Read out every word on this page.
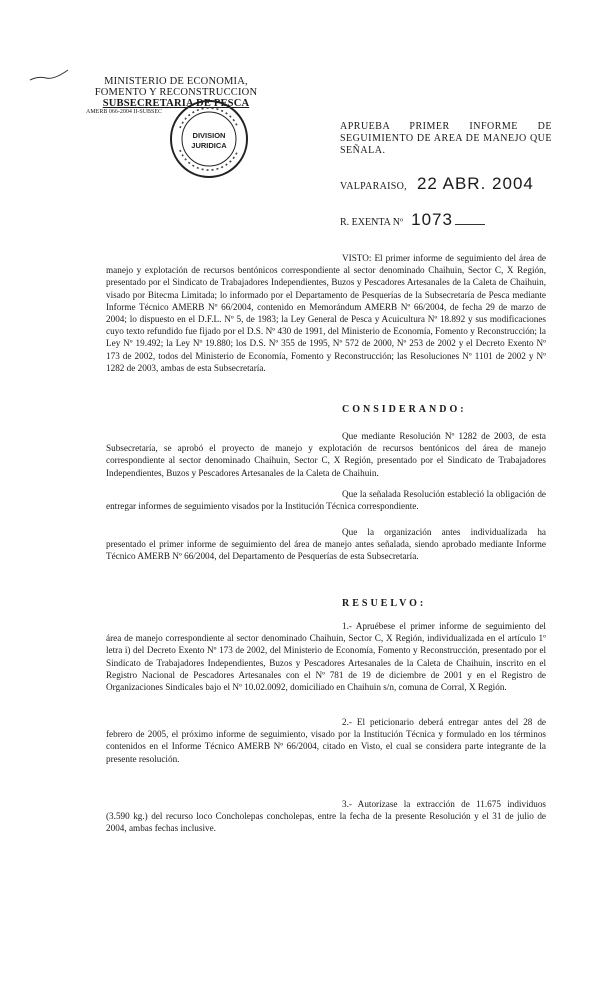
MINISTERIO DE ECONOMIA,
FOMENTO Y RECONSTRUCCION
SUBSECRETARIA DE PESCA
AMERB 066-2004 II-SUBSEC
DIVISION
JURIDICA
APRUEBA PRIMER INFORME DE SEGUIMIENTO DE AREA DE MANEJO QUE SEÑALA.
VALPARAISO, 22 ABR. 2004
R. EXENTA Nº 1073

VISTO: El primer informe de seguimiento del área de manejo y explotación de recursos bentónicos correspondiente al sector denominado Chaihuin, Sector C, X Región, presentado por el Sindicato de Trabajadores Independientes, Buzos y Pescadores Artesanales de la Caleta de Chaihuin, visado por Bitecma Limitada; lo informado por el Departamento de Pesquerías de la Subsecretaría de Pesca mediante Informe Técnico AMERB Nº 66/2004, contenido en Memorándum AMERB Nº 66/2004, de fecha 29 de marzo de 2004; lo dispuesto en el D.F.L. Nº 5, de 1983; la Ley General de Pesca y Acuicultura Nº 18.892 y sus modificaciones cuyo texto refundido fue fijado por el D.S. Nº 430 de 1991, del Ministerio de Economía, Fomento y Reconstrucción; la Ley Nº 19.492; la Ley Nº 19.880; los D.S. Nº 355 de 1995, Nº 572 de 2000, Nº 253 de 2002 y el Decreto Exento Nº 173 de 2002, todos del Ministerio de Economía, Fomento y Reconstrucción; las Resoluciones Nº 1101 de 2002 y Nº 1282 de 2003, ambas de esta Subsecretaría.

CONSIDERANDO:

Que mediante Resolución Nº 1282 de 2003, de esta Subsecretaría, se aprobó el proyecto de manejo y explotación de recursos bentónicos del área de manejo correspondiente al sector denominado Chaihuin, Sector C, X Región, presentado por el Sindicato de Trabajadores Independientes, Buzos y Pescadores Artesanales de la Caleta de Chaihuin.

Que la señalada Resolución estableció la obligación de entregar informes de seguimiento visados por la Institución Técnica correspondiente.

Que la organización antes individualizada ha presentado el primer informe de seguimiento del área de manejo antes señalada, siendo aprobado mediante Informe Técnico AMERB Nº 66/2004, del Departamento de Pesquerías de esta Subsecretaría.

RESUELVO:

1.- Apruébese el primer informe de seguimiento del área de manejo correspondiente al sector denominado Chaihuin, Sector C, X Región, individualizada en el artículo 1º letra i) del Decreto Exento Nº 173 de 2002, del Ministerio de Economía, Fomento y Reconstrucción, presentado por el Sindicato de Trabajadores Independientes, Buzos y Pescadores Artesanales de la Caleta de Chaihuin, inscrito en el Registro Nacional de Pescadores Artesanales con el Nº 781 de 19 de diciembre de 2001 y en el Registro de Organizaciones Sindicales bajo el Nº 10.02.0092, domiciliado en Chaihuin s/n, comuna de Corral, X Región.

2.- El peticionario deberá entregar antes del 28 de febrero de 2005, el próximo informe de seguimiento, visado por la Institución Técnica y formulado en los términos contenidos en el Informe Técnico AMERB Nº 66/2004, citado en Visto, el cual se considera parte integrante de la presente resolución.

3.- Autorízase la extracción de 11.675 individuos (3.590 kg.) del recurso loco Concholepas concholepas, entre la fecha de la presente Resolución y el 31 de julio de 2004, ambas fechas inclusive.
